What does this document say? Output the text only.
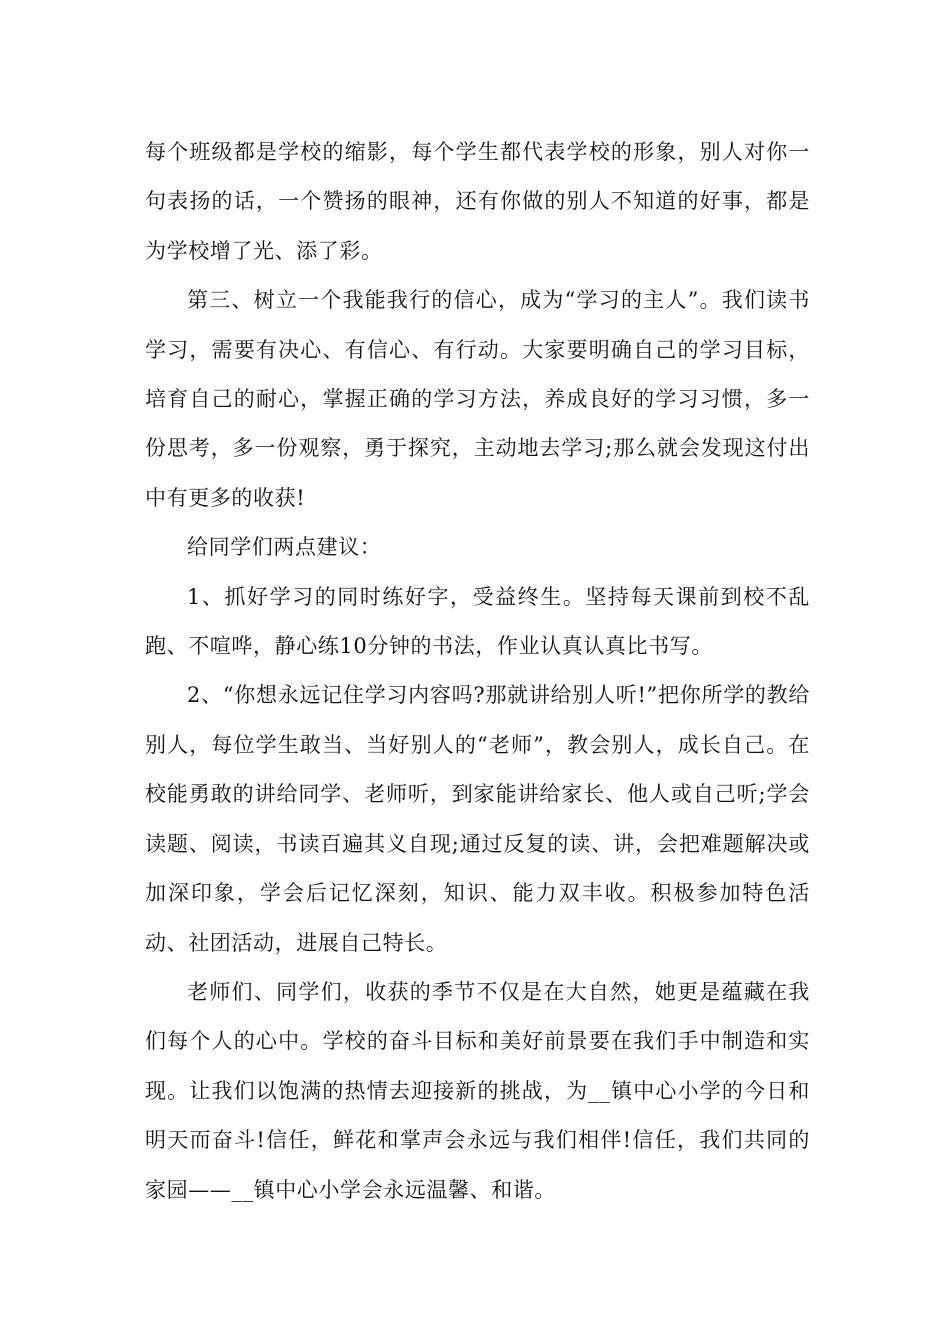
每个班级都是学校的缩影，每个学生都代表学校的形象，别人对你一句表扬的话，一个赞扬的眼神，还有你做的别人不知道的好事，都是为学校增了光、添了彩。

第三、树立一个我能我行的信心，成为“学习的主人”。我们读书学习，需要有决心、有信心、有行动。大家要明确自己的学习目标，培育自己的耐心，掌握正确的学习方法，养成良好的学习习惯，多一份思考，多一份观察，勇于探究，主动地去学习;那么就会发现这付出中有更多的收获!

给同学们两点建议：

1、抓好学习的同时练好字，受益终生。坚持每天课前到校不乱跑、不喧哗，静心练10分钟的书法，作业认真认真比书写。

2、“你想永远记住学习内容吗?那就讲给别人听!”把你所学的教给别人，每位学生敢当、当好别人的“老师”，教会别人，成长自己。在校能勇敢的讲给同学、老师听，到家能讲给家长、他人或自己听;学会读题、阅读，书读百遍其义自现;通过反复的读、讲，会把难题解决或加深印象，学会后记忆深刻，知识、能力双丰收。积极参加特色活动、社团活动，进展自己特长。

老师们、同学们，收获的季节不仅是在大自然，她更是蕴藏在我们每个人的心中。学校的奋斗目标和美好前景要在我们手中制造和实现。让我们以饱满的热情去迎接新的挑战，为__镇中心小学的今日和明天而奋斗!信任，鲜花和掌声会永远与我们相伴!信任，我们共同的家园——__镇中心小学会永远温馨、和谐。
